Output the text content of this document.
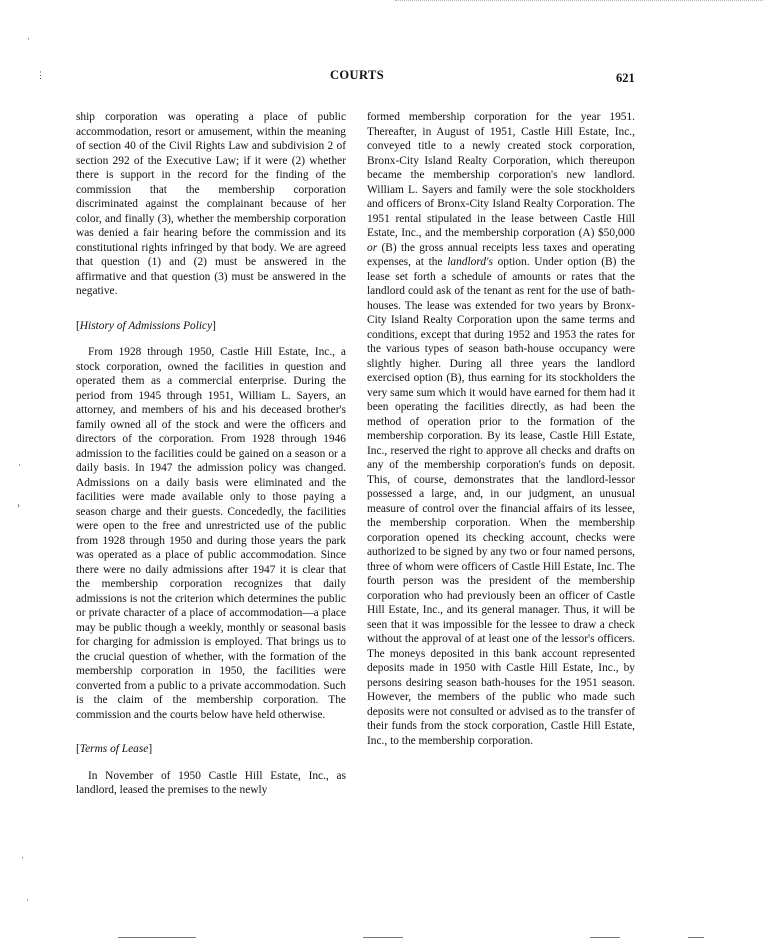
COURTS	621
⋅
⋮
⋅
›
⋅
⋅

ship corporation was operating a place of public accommodation, resort or amusement, within the meaning of section 40 of the Civil Rights Law and subdivision 2 of section 292 of the Executive Law; if it were (2) whether there is support in the record for the finding of the commission that the membership corporation discriminated against the complainant because of her color, and finally (3), whether the membership corporation was denied a fair hearing before the commission and its constitutional rights infringed by that body. We are agreed that question (1) and (2) must be answered in the affirmative and that question (3) must be answered in the negative.

[History of Admissions Policy]

From 1928 through 1950, Castle Hill Estate, Inc., a stock corporation, owned the facilities in question and operated them as a commercial enterprise. During the period from 1945 through 1951, William L. Sayers, an attorney, and members of his and his deceased brother's family owned all of the stock and were the officers and directors of the corporation. From 1928 through 1946 admission to the facilities could be gained on a season or a daily basis. In 1947 the admission policy was changed. Admissions on a daily basis were eliminated and the facilities were made available only to those paying a season charge and their guests. Concededly, the facilities were open to the free and unrestricted use of the public from 1928 through 1950 and during those years the park was operated as a place of public accommodation. Since there were no daily admissions after 1947 it is clear that the membership corporation recognizes that daily admissions is not the criterion which determines the public or private character of a place of accommodation—a place may be public though a weekly, monthly or seasonal basis for charging for admission is employed. That brings us to the crucial question of whether, with the formation of the membership corporation in 1950, the facilities were converted from a public to a private accommodation. Such is the claim of the membership corporation. The commission and the courts below have held otherwise.

[Terms of Lease]

In November of 1950 Castle Hill Estate, Inc., as landlord, leased the premises to the newly

formed membership corporation for the year 1951. Thereafter, in August of 1951, Castle Hill Estate, Inc., conveyed title to a newly created stock corporation, Bronx-City Island Realty Corporation, which thereupon became the membership corporation's new landlord. William L. Sayers and family were the sole stockholders and officers of Bronx-City Island Realty Corporation. The 1951 rental stipulated in the lease between Castle Hill Estate, Inc., and the membership corporation (A) $50,000 or (B) the gross annual receipts less taxes and operating expenses, at the landlord's option. Under option (B) the lease set forth a schedule of amounts or rates that the landlord could ask of the tenant as rent for the use of bath-houses. The lease was extended for two years by Bronx-City Island Realty Corporation upon the same terms and conditions, except that during 1952 and 1953 the rates for the various types of season bath-house occupancy were slightly higher. During all three years the landlord exercised option (B), thus earning for its stockholders the very same sum which it would have earned for them had it been operating the facilities directly, as had been the method of operation prior to the formation of the membership corporation. By its lease, Castle Hill Estate, Inc., reserved the right to approve all checks and drafts on any of the membership corporation's funds on deposit. This, of course, demonstrates that the landlord-lessor possessed a large, and, in our judgment, an unusual measure of control over the financial affairs of its lessee, the membership corporation. When the membership corporation opened its checking account, checks were authorized to be signed by any two or four named persons, three of whom were officers of Castle Hill Estate, Inc. The fourth person was the president of the membership corporation who had previously been an officer of Castle Hill Estate, Inc., and its general manager. Thus, it will be seen that it was impossible for the lessee to draw a check without the approval of at least one of the lessor's officers. The moneys deposited in this bank account represented deposits made in 1950 with Castle Hill Estate, Inc., by persons desiring season bath-houses for the 1951 season. However, the members of the public who made such deposits were not consulted or advised as to the transfer of their funds from the stock corporation, Castle Hill Estate, Inc., to the membership corporation.
